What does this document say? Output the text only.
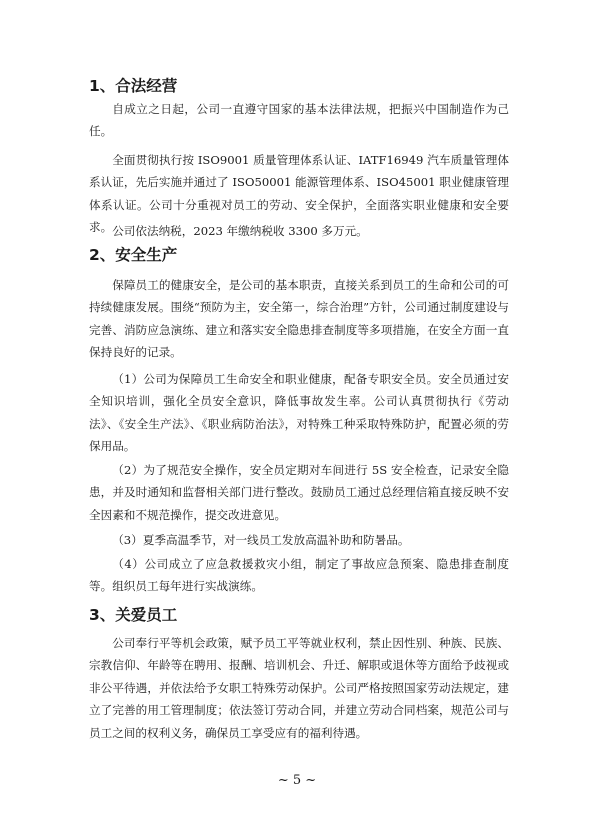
1、合法经营

自成立之日起，公司一直遵守国家的基本法律法规，把振兴中国制造作为己任。

全面贯彻执行按 ISO9001 质量管理体系认证、IATF16949 汽车质量管理体系认证，先后实施并通过了 ISO50001 能源管理体系、ISO45001 职业健康管理体系认证。公司十分重视对员工的劳动、安全保护，全面落实职业健康和安全要求。 公司依法纳税，2023 年缴纳税收 3300 多万元。

2、安全生产

保障员工的健康安全，是公司的基本职责，直接关系到员工的生命和公司的可持续健康发展。围绕“预防为主，安全第一，综合治理”方针，公司通过制度建设与完善、消防应急演练、建立和落实安全隐患排查制度等多项措施，在安全方面一直保持良好的记录。

（1）公司为保障员工生命安全和职业健康，配备专职安全员。安全员通过安全知识培训，强化全员安全意识，降低事故发生率。公司认真贯彻执行《劳动法》、《安全生产法》、《职业病防治法》，对特殊工种采取特殊防护，配置必须的劳保用品。

（2）为了规范安全操作，安全员定期对车间进行 5S 安全检查，记录安全隐患，并及时通知和监督相关部门进行整改。鼓励员工通过总经理信箱直接反映不安全因素和不规范操作，提交改进意见。

（3）夏季高温季节，对一线员工发放高温补助和防暑品。

（4）公司成立了应急救援救灾小组，制定了事故应急预案、隐患排查制度等。组织员工每年进行实战演练。

3、关爱员工

公司奉行平等机会政策，赋予员工平等就业权利，禁止因性别、种族、民族、宗教信仰、年龄等在聘用、报酬、培训机会、升迁、解职或退休等方面给予歧视或非公平待遇，并依法给予女职工特殊劳动保护。公司严格按照国家劳动法规定，建立了完善的用工管理制度；依法签订劳动合同，并建立劳动合同档案，规范公司与员工之间的权利义务，确保员工享受应有的福利待遇。

~ 5 ~
